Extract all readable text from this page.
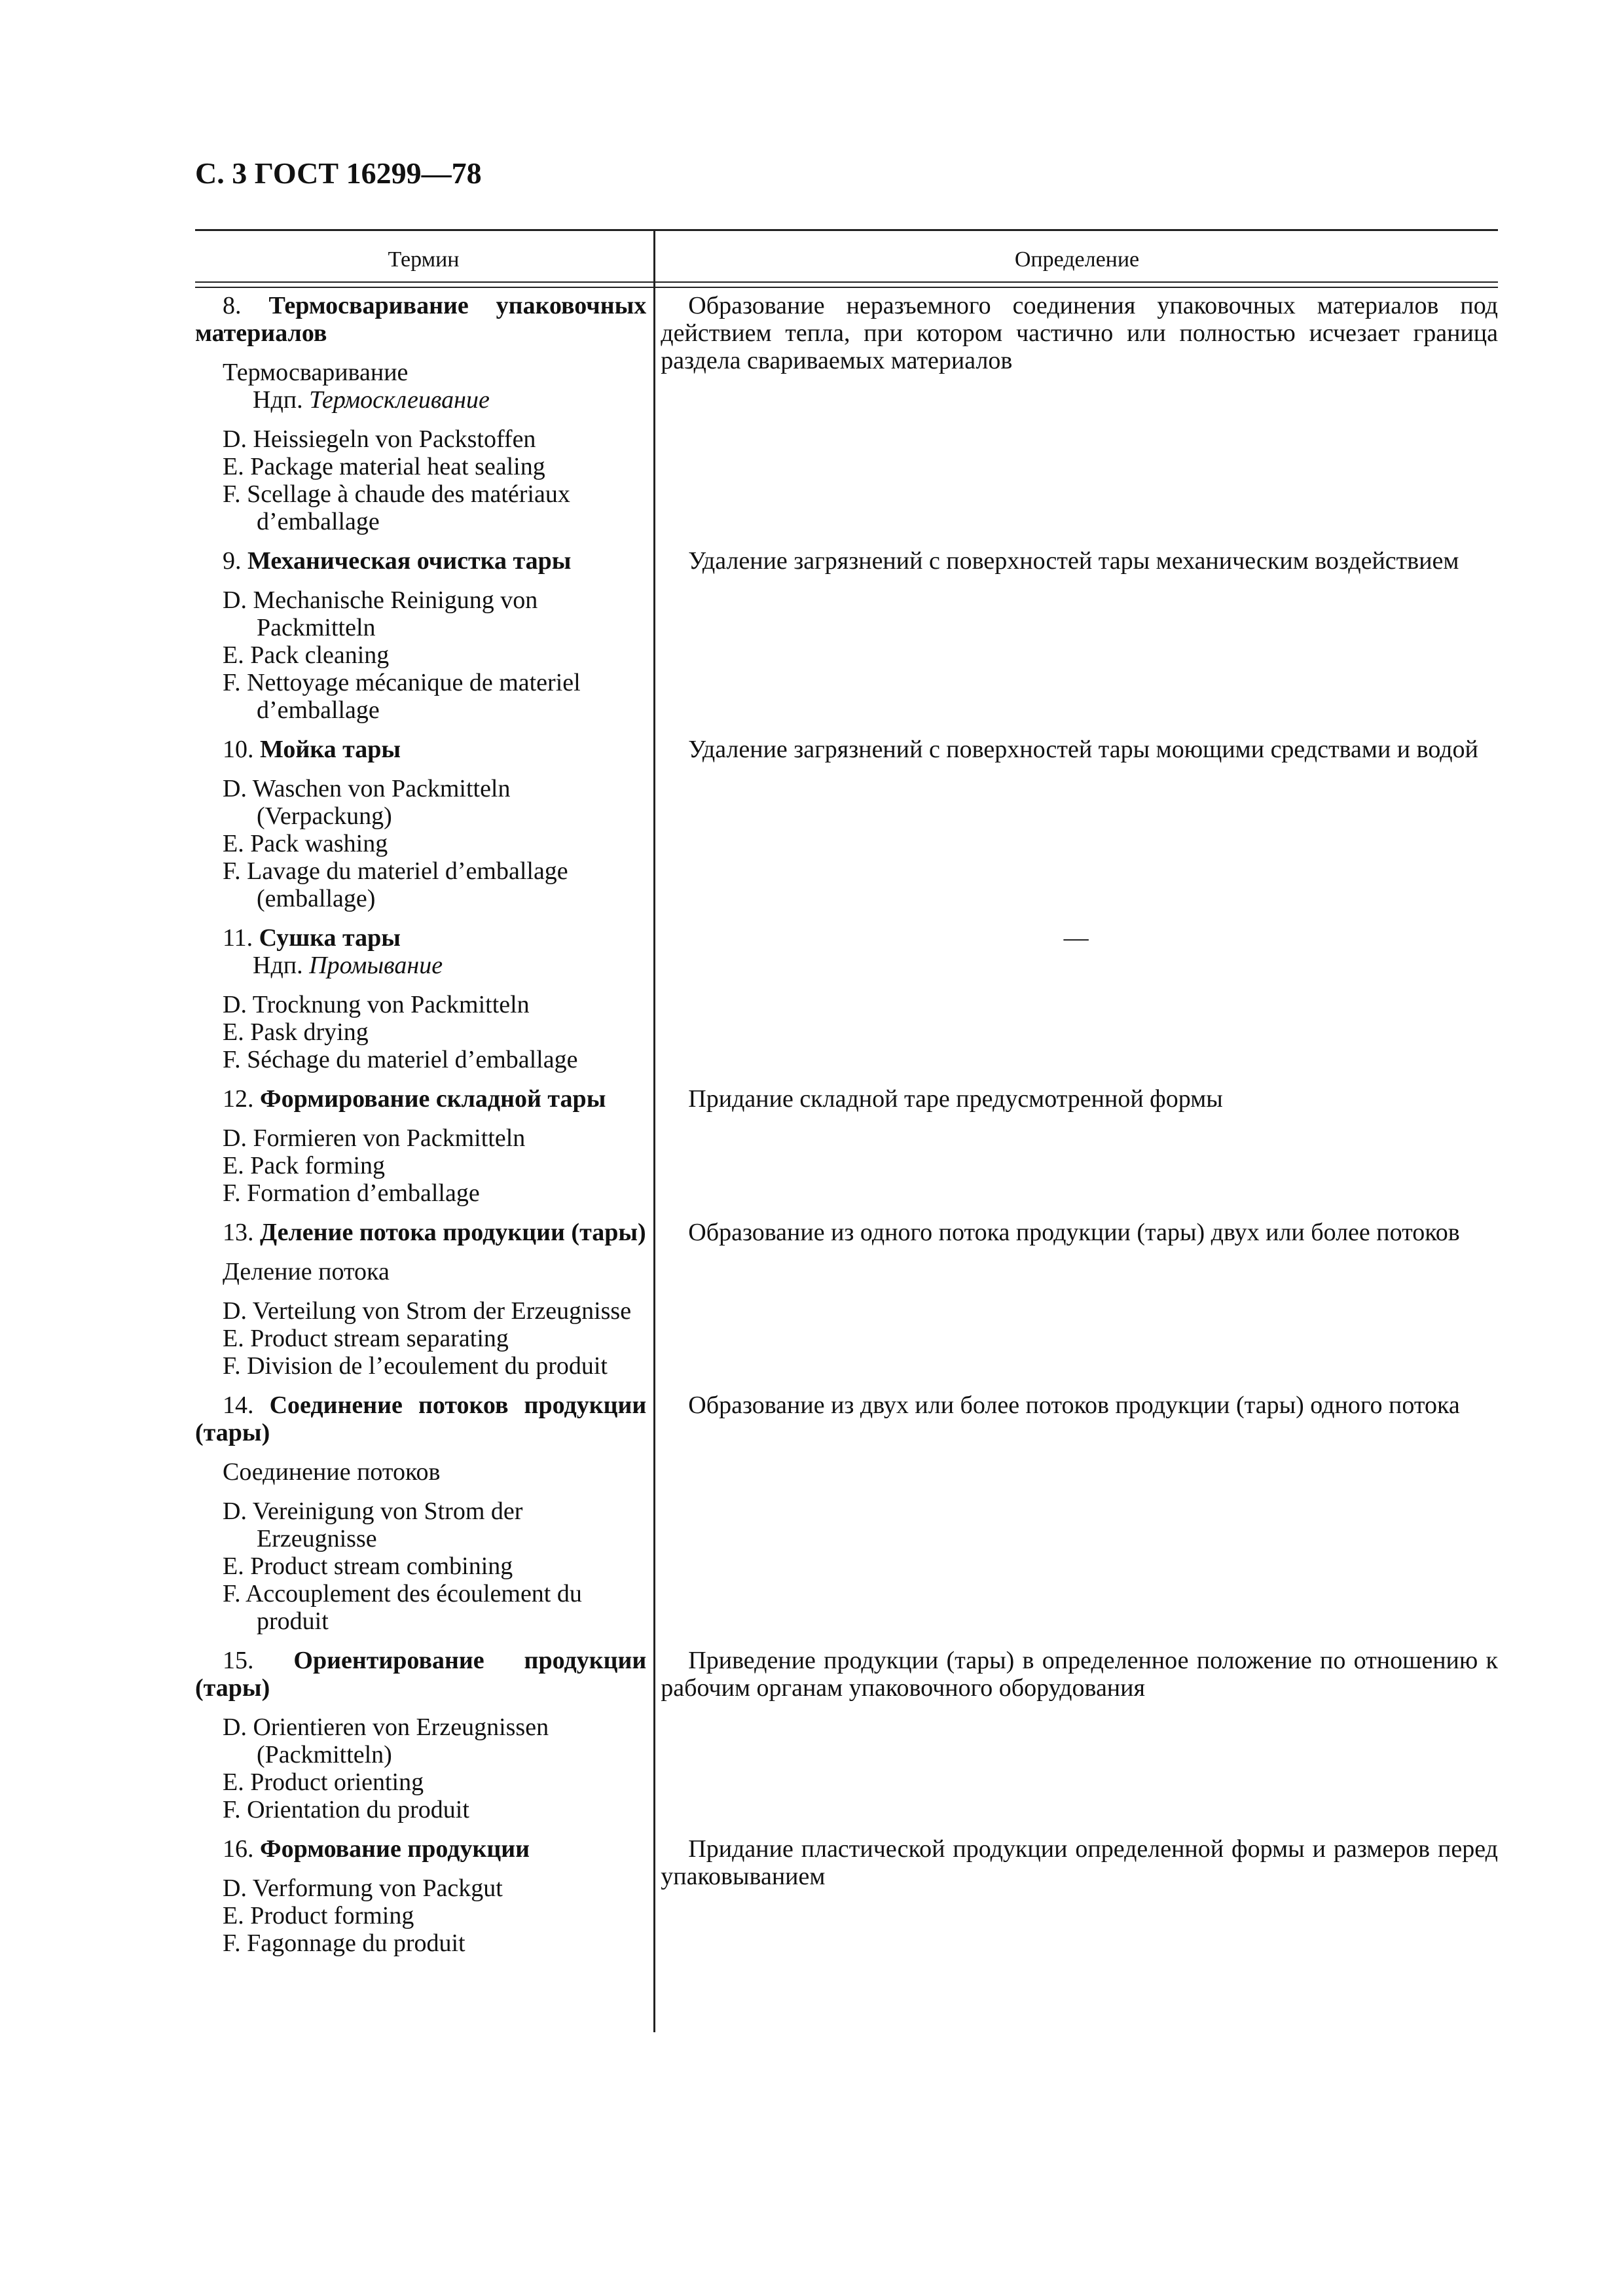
С. 3 ГОСТ 16299—78
Термин	Определение

8. Термосваривание упаковочных материалов

Термосваривание
Ндп. Термосклеивание
D. Heissiegeln von Packstoffen
E. Package material heat sealing
F. Scellage à chaude des matériaux d’emballage

Образование неразъемного соединения упаковочных материалов под действием тепла, при котором частично или полностью исчезает граница раздела свариваемых материалов

9. Механическая очистка тары

D. Mechanische Reinigung von Packmitteln
E. Pack cleaning
F. Nettoyage mécanique de materiel d’emballage

Удаление загрязнений с поверхностей тары механическим воздействием

10. Мойка тары

D. Waschen von Packmitteln (Verpackung)
E. Pack washing
F. Lavage du materiel d’emballage (emballage)

Удаление загрязнений с поверхностей тары моющими средствами и водой

11. Сушка тары

Ндп. Промывание
D. Trocknung von Packmitteln
E. Pask drying
F. Séchage du materiel d’emballage

—

12. Формирование складной тары

D. Formieren von Packmitteln
E. Pack forming
F. Formation d’emballage

Придание складной таре предусмотренной формы

13. Деление потока продукции (тары)

Деление потока
D. Verteilung von Strom der Erzeugnisse
E. Product stream separating
F. Division de l’ecoulement du produit

Образование из одного потока продукции (тары) двух или более потоков

14. Соединение потоков продукции (тары)

Соединение потоков
D. Vereinigung von Strom der Erzeugnisse
E. Product stream combining
F. Accouplement des écoulement du produit

Образование из двух или более потоков продукции (тары) одного потока

15. Ориентирование продукции (тары)

D. Orientieren von Erzeugnissen (Packmitteln)
E. Product orienting
F. Orientation du produit

Приведение продукции (тары) в определенное положение по отношению к рабочим органам упаковочного оборудования

16. Формование продукции

D. Verformung von Packgut
E. Product forming
F. Fagonnage du produit

Придание пластической продукции определенной формы и размеров перед упаковыванием
